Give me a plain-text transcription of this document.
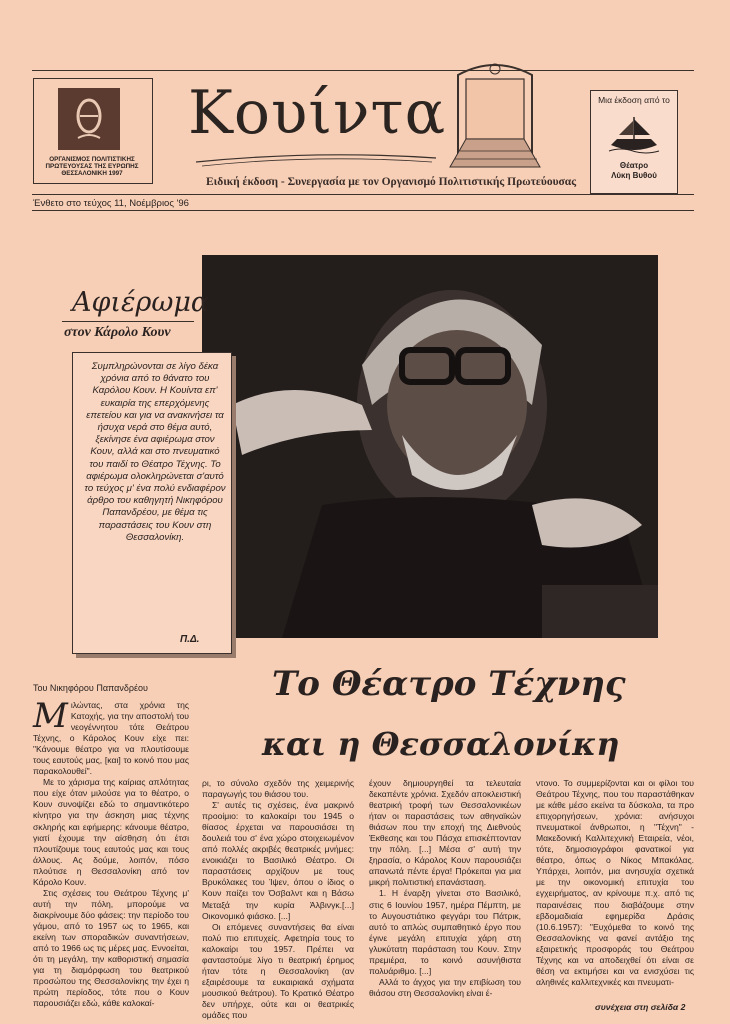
ΟΡΓΑΝΙΣΜΟΣ ΠΟΛΙΤΙΣΤΙΚΗΣ
ΠΡΩΤΕΥΟΥΣΑΣ ΤΗΣ ΕΥΡΩΠΗΣ
ΘΕΣΣΑΛΟΝΙΚΗ 1997
Κουίντα
Ειδική έκδοση - Συνεργασία με τον Οργανισμό Πολιτιστικής Πρωτεύουσας
Μια έκδοση από το
Θέατρο
Λύκη Βυθού
Ένθετο στο τεύχος 11, Νοέμβριος '96
Αφιέρωμα
στον Κάρολο Κουν
Συμπληρώνονται σε λίγο δέκα χρόνια από το θάνατο του Καρόλου Κουν. Η Κουίντα επ' ευκαιρία της επερχόμενης επετείου και για να ανακινήσει τα ήσυχα νερά στο θέμα αυτό, ξεκίνησε ένα αφιέρωμα στον Κουν, αλλά και στο πνευματικό του παιδί το Θέατρο Τέχνης. Το αφιέρωμα ολοκληρώνεται σ'αυτό το τεύχος μ' ένα πολύ ενδιαφέρον άρθρο του καθηγητή Νικηφόρου Παπανδρέου, με θέμα τις παραστάσεις του Κουν στη Θεσσαλονίκη.
Π.Δ.
Το Θέατρο Τέχνης
και η Θεσσαλονίκη
Του Νικηφόρου Παπανδρέου
Μ ιλώντας, στα χρόνια της Κατοχής, για την αποστολή του νεογέννητου τότε Θεάτρου Τέχνης, ο Κάρολος Κουν είχε πει: "Κάνουμε θέατρο για να πλουτίσουμε τους εαυτούς μας, [και] το κοινό που μας παρακολουθεί".

Με το χάρισμα της καίριας απλότητας που είχε όταν μιλούσε για το θέατρο, ο Κουν συνοψίζει εδώ το σημαντικότερο κίνητρο για την άσκηση μιας τέχνης σκληρής και εφήμερης: κάνουμε θέατρο, γιατί έχουμε την αίσθηση ότι έτσι πλουτίζουμε τους εαυτούς μας και τους άλλους. Ας δούμε, λοιπόν, πόσο πλούτισε η Θεσσαλονίκη από τον Κάρολο Κουν.

Στις σχέσεις του Θεάτρου Τέχνης μ' αυτή την πόλη, μπορούμε να διακρίνουμε δύο φάσεις: την περίοδο του γάμου, από το 1957 ως το 1965, και εκείνη των σποραδικών συναντήσεων, από το 1966 ως τις μέρες μας. Εννοείται, ότι τη μεγάλη, την καθοριστική σημασία για τη διαμόρφωση του θεατρικού προσώπου της Θεσσαλονίκης την έχει η πρώτη περίοδος, τότε που ο Κουν παρουσιάζει εδώ, κάθε καλοκαί-

ρι, το σύνολο σχεδόν της χειμερινής παραγωγής του θιάσου του.

Σ' αυτές τις σχέσεις, ένα μακρινό προοίμιο: το καλοκαίρι του 1945 ο θίασος έρχεται να παρουσιάσει τη δουλειά του σ' ένα χώρο στοιχειωμένον από πολλές ακριβές θεατρικές μνήμες: ενοικιάζει το Βασιλικό Θέατρο. Οι παραστάσεις αρχίζουν με τους Βρυκόλακες του Ίψεν, όπου ο ίδιος ο Κουν παίζει τον Όσβαλντ και η Βάσω Μεταξά την κυρία Άλβινγκ.[...] Οικονομικό φιάσκο. [...]

Οι επόμενες συναντήσεις θα είναι πολύ πιο επιτυχείς. Αφετηρία τους το καλοκαίρι του 1957. Πρέπει να φανταστούμε λίγο τι θεατρική έρημος ήταν τότε η Θεσσαλονίκη (αν εξαιρέσουμε τα ευκαιριακά σχήματα μουσικού θεάτρου). Το Κρατικό Θέατρο δεν υπήρχε, ούτε και οι θεατρικές ομάδες που

έχουν δημιουργηθεί τα τελευταία δεκαπέντε χρόνια. Σχεδόν αποκλειστική θεατρική τροφή των Θεσσαλονικέων ήταν οι παραστάσεις των αθηναϊκών θιάσων που την εποχή της Διεθνούς Έκθεσης και του Πάσχα επισκέπτονταν την πόλη. [...] Μέσα σ' αυτή την ξηρασία, ο Κάρολος Κουν παρουσιάζει απανωτά πέντε έργα! Πρόκειται για μια μικρή πολιτιστική επανάσταση.

1. Η έναρξη γίνεται στο Βασιλικό, στις 6 Ιουνίου 1957, ημέρα Πέμπτη, με το Αυγουστιάτικο φεγγάρι του Πάτρικ, αυτό το απλώς συμπαθητικό έργο που έγινε μεγάλη επιτυχία χάρη στη γλυκύτατη παράσταση του Κουν. Στην πρεμιέρα, το κοινό ασυνήθιστα πολυάριθμο. [...]

Αλλά το άγχος για την επιβίωση του θιάσου στη Θεσσαλονίκη είναι έ-

ντονο. Το συμμερίζονται και οι φίλοι του Θεάτρου Τέχνης, που του παραστάθηκαν με κάθε μέσο εκείνα τα δύσκολα, τα προ επιχορηγήσεων, χρόνια: ανήσυχοι πνευματικοί άνθρωποι, η "Τέχνη" - Μακεδονική Καλλιτεχνική Εταιρεία, νέοι, τότε, δημοσιογράφοι φανατικοί για θέατρο, όπως ο Νίκος Μπακόλας. Υπάρχει, λοιπόν, μια ανησυχία σχετικά με την οικονομική επιτυχία του εγχειρήματος, αν κρίνουμε π.χ. από τις παραινέσεις που διαβάζουμε στην εβδομαδιαία εφημερίδα Δράσις (10.6.1957): "Ευχόμεθα το κοινό της Θεσσαλονίκης να φανεί αντάξιο της εξαιρετικής προσφοράς του Θεάτρου Τέχνης και να αποδειχθεί ότι είναι σε θέση να εκτιμήσει και να ενισχύσει τις αληθινές καλλιτεχνικές και πνευματι-

συνέχεια στη σελίδα 2
